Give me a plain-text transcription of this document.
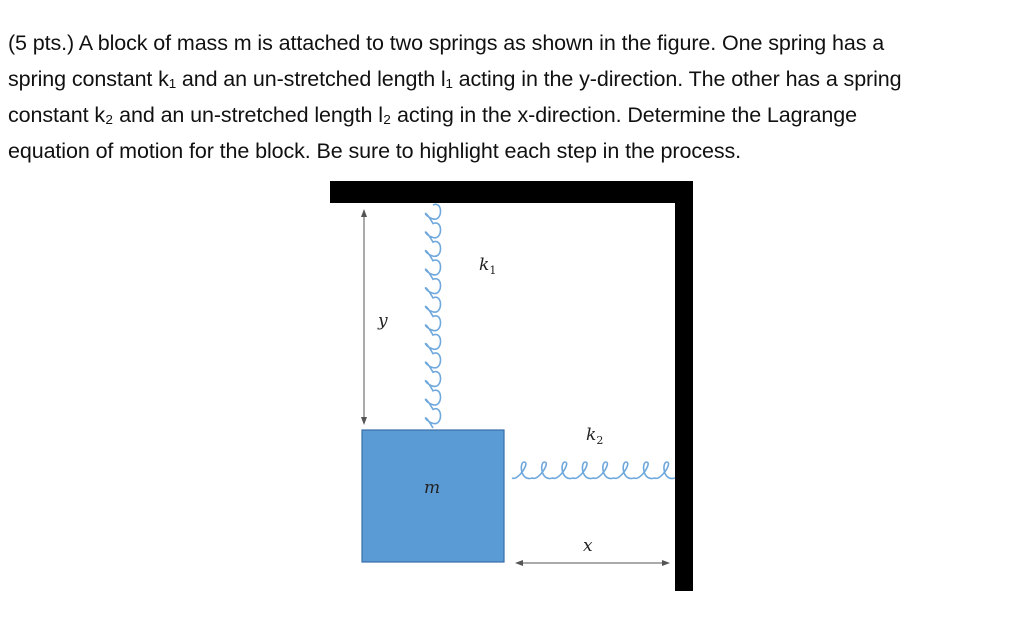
(5 pts.) A block of mass m is attached to two springs as shown in the figure. One spring has a
spring constant k₁ and an un-stretched length l₁ acting in the y-direction. The other has a spring
constant k₂ and an un-stretched length l₂ acting in the x-direction. Determine the Lagrange
equation of motion for the block. Be sure to highlight each step in the process.
$k_1$
$k_2$
y
x
m
